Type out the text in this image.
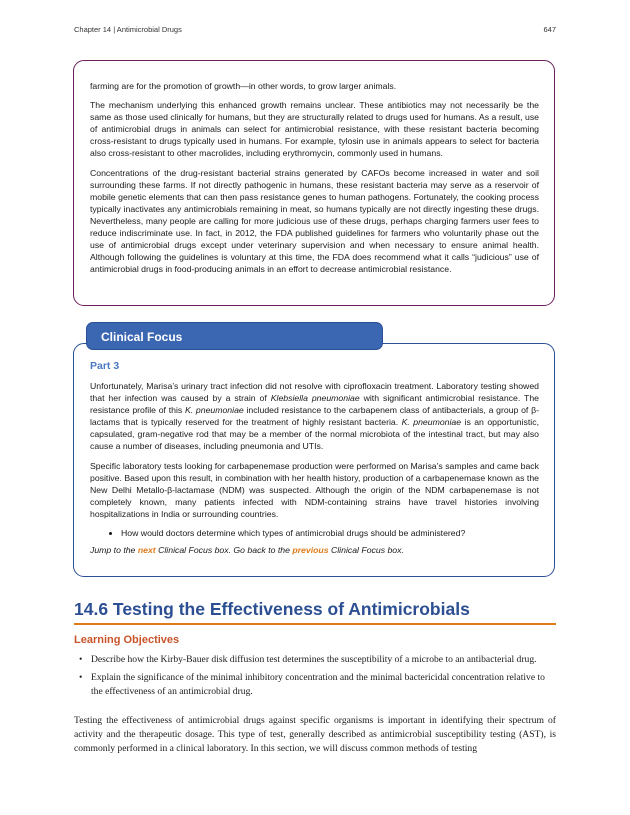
Chapter 14 | Antimicrobial Drugs	647

farming are for the promotion of growth—in other words, to grow larger animals.

The mechanism underlying this enhanced growth remains unclear. These antibiotics may not necessarily be the same as those used clinically for humans, but they are structurally related to drugs used for humans. As a result, use of antimicrobial drugs in animals can select for antimicrobial resistance, with these resistant bacteria becoming cross-resistant to drugs typically used in humans. For example, tylosin use in animals appears to select for bacteria also cross-resistant to other macrolides, including erythromycin, commonly used in humans.

Concentrations of the drug-resistant bacterial strains generated by CAFOs become increased in water and soil surrounding these farms. If not directly pathogenic in humans, these resistant bacteria may serve as a reservoir of mobile genetic elements that can then pass resistance genes to human pathogens. Fortunately, the cooking process typically inactivates any antimicrobials remaining in meat, so humans typically are not directly ingesting these drugs. Nevertheless, many people are calling for more judicious use of these drugs, perhaps charging farmers user fees to reduce indiscriminate use. In fact, in 2012, the FDA published guidelines for farmers who voluntarily phase out the use of antimicrobial drugs except under veterinary supervision and when necessary to ensure animal health. Although following the guidelines is voluntary at this time, the FDA does recommend what it calls “judicious” use of antimicrobial drugs in food-producing animals in an effort to decrease antimicrobial resistance.

Clinical Focus
Part 3

Unfortunately, Marisa’s urinary tract infection did not resolve with ciprofloxacin treatment. Laboratory testing showed that her infection was caused by a strain of Klebsiella pneumoniae with significant antimicrobial resistance. The resistance profile of this K. pneumoniae included resistance to the carbapenem class of antibacterials, a group of β-lactams that is typically reserved for the treatment of highly resistant bacteria. K. pneumoniae is an opportunistic, capsulated, gram-negative rod that may be a member of the normal microbiota of the intestinal tract, but may also cause a number of diseases, including pneumonia and UTIs.

Specific laboratory tests looking for carbapenemase production were performed on Marisa’s samples and came back positive. Based upon this result, in combination with her health history, production of a carbapenemase known as the New Delhi Metallo-β-lactamase (NDM) was suspected. Although the origin of the NDM carbapenemase is not completely known, many patients infected with NDM-containing strains have travel histories involving hospitalizations in India or surrounding countries.

• How would doctors determine which types of antimicrobial drugs should be administered?

Jump to the next Clinical Focus box. Go back to the previous Clinical Focus box.

14.6 Testing the Effectiveness of Antimicrobials
Learning Objectives
• Describe how the Kirby-Bauer disk diffusion test determines the susceptibility of a microbe to an antibacterial drug.
• Explain the significance of the minimal inhibitory concentration and the minimal bactericidal concentration relative to the effectiveness of an antimicrobial drug.

Testing the effectiveness of antimicrobial drugs against specific organisms is important in identifying their spectrum of activity and the therapeutic dosage. This type of test, generally described as antimicrobial susceptibility testing (AST), is commonly performed in a clinical laboratory. In this section, we will discuss common methods of testing
